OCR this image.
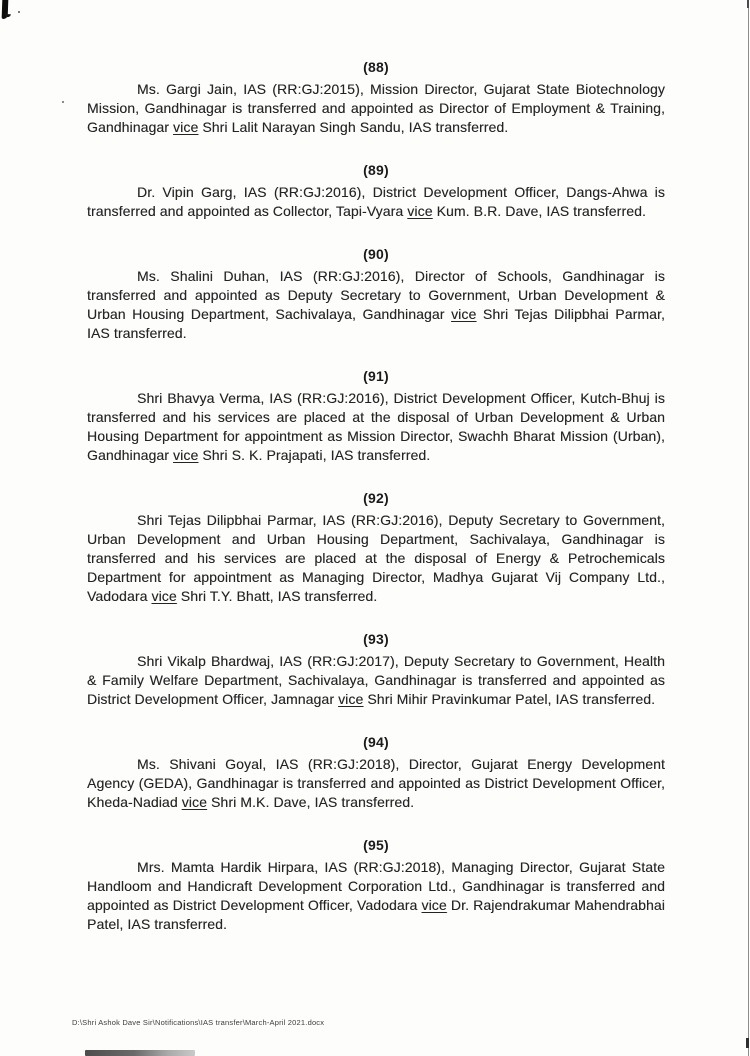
(88)

Ms. Gargi Jain, IAS (RR:GJ:2015), Mission Director, Gujarat State Biotechnology Mission, Gandhinagar is transferred and appointed as Director of Employment & Training, Gandhinagar vice Shri Lalit Narayan Singh Sandu, IAS transferred.

(89)

Dr. Vipin Garg, IAS (RR:GJ:2016), District Development Officer, Dangs-Ahwa is transferred and appointed as Collector, Tapi-Vyara vice Kum. B.R. Dave, IAS transferred.

(90)

Ms. Shalini Duhan, IAS (RR:GJ:2016), Director of Schools, Gandhinagar is transferred and appointed as Deputy Secretary to Government, Urban Development & Urban Housing Department, Sachivalaya, Gandhinagar vice Shri Tejas Dilipbhai Parmar, IAS transferred.

(91)

Shri Bhavya Verma, IAS (RR:GJ:2016), District Development Officer, Kutch-Bhuj is transferred and his services are placed at the disposal of Urban Development & Urban Housing Department for appointment as Mission Director, Swachh Bharat Mission (Urban), Gandhinagar vice Shri S. K. Prajapati, IAS transferred.

(92)

Shri Tejas Dilipbhai Parmar, IAS (RR:GJ:2016), Deputy Secretary to Government, Urban Development and Urban Housing Department, Sachivalaya, Gandhinagar is transferred and his services are placed at the disposal of Energy & Petrochemicals Department for appointment as Managing Director, Madhya Gujarat Vij Company Ltd., Vadodara vice Shri T.Y. Bhatt, IAS transferred.

(93)

Shri Vikalp Bhardwaj, IAS (RR:GJ:2017), Deputy Secretary to Government, Health & Family Welfare Department, Sachivalaya, Gandhinagar is transferred and appointed as District Development Officer, Jamnagar vice Shri Mihir Pravinkumar Patel, IAS transferred.

(94)

Ms. Shivani Goyal, IAS (RR:GJ:2018), Director, Gujarat Energy Development Agency (GEDA), Gandhinagar is transferred and appointed as District Development Officer, Kheda-Nadiad vice Shri M.K. Dave, IAS transferred.

(95)

Mrs. Mamta Hardik Hirpara, IAS (RR:GJ:2018), Managing Director, Gujarat State Handloom and Handicraft Development Corporation Ltd., Gandhinagar is transferred and appointed as District Development Officer, Vadodara vice Dr. Rajendrakumar Mahendrabhai Patel, IAS transferred.

D:\Shri Ashok Dave Sir\Notifications\IAS transfer\March-April 2021.docx
